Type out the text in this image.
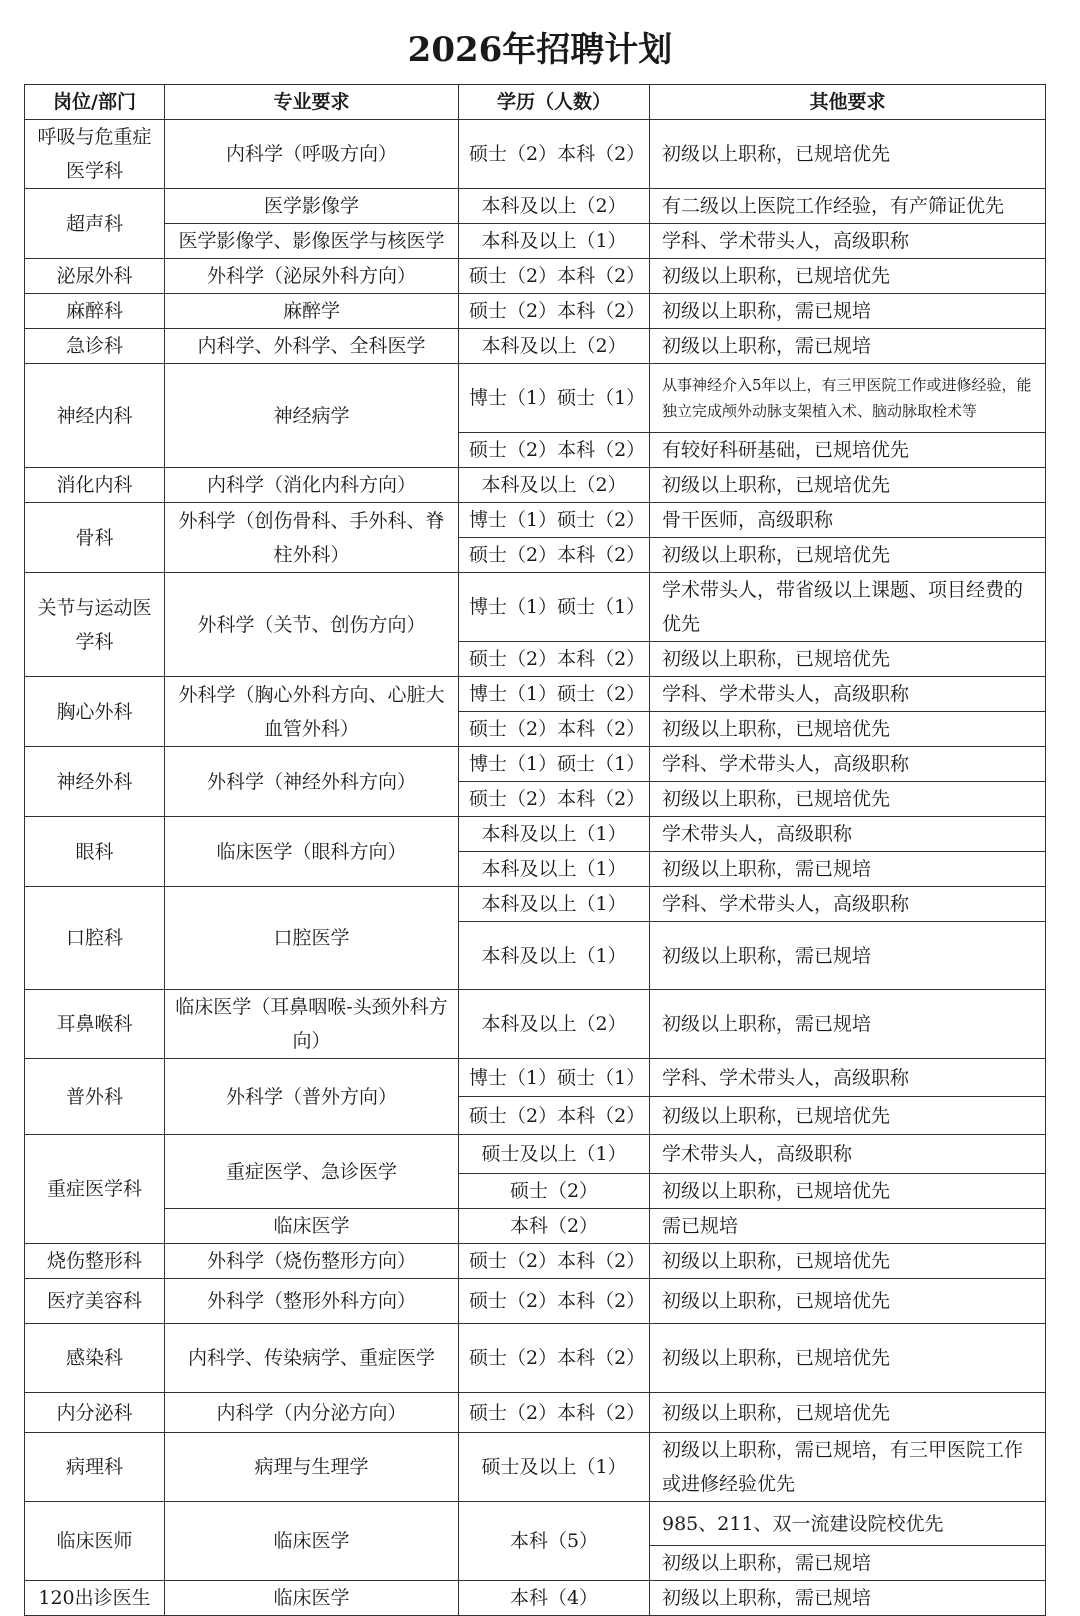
2026年招聘计划
岗位/部门	专业要求	学历（人数）	其他要求
呼吸与危重症医学科	内科学（呼吸方向）	硕士（2）本科（2）	初级以上职称，已规培优先
超声科	医学影像学	本科及以上（2）	有二级以上医院工作经验，有产筛证优先
	医学影像学、影像医学与核医学	本科及以上（1）	学科、学术带头人，高级职称
泌尿外科	外科学（泌尿外科方向）	硕士（2）本科（2）	初级以上职称，已规培优先
麻醉科	麻醉学	硕士（2）本科（2）	初级以上职称，需已规培
急诊科	内科学、外科学、全科医学	本科及以上（2）	初级以上职称，需已规培
神经内科	神经病学	博士（1）硕士（1）	从事神经介入5年以上，有三甲医院工作或进修经验，能独立完成颅外动脉支架植入术、脑动脉取栓术等
		硕士（2）本科（2）	有较好科研基础，已规培优先
消化内科	内科学（消化内科方向）	本科及以上（2）	初级以上职称，已规培优先
骨科	外科学（创伤骨科、手外科、脊柱外科）	博士（1）硕士（2）	骨干医师，高级职称
		硕士（2）本科（2）	初级以上职称，已规培优先
关节与运动医学科	外科学（关节、创伤方向）	博士（1）硕士（1）	学术带头人，带省级以上课题、项目经费的优先
		硕士（2）本科（2）	初级以上职称，已规培优先
胸心外科	外科学（胸心外科方向、心脏大血管外科）	博士（1）硕士（2）	学科、学术带头人，高级职称
		硕士（2）本科（2）	初级以上职称，已规培优先
神经外科	外科学（神经外科方向）	博士（1）硕士（1）	学科、学术带头人，高级职称
		硕士（2）本科（2）	初级以上职称，已规培优先
眼科	临床医学（眼科方向）	本科及以上（1）	学术带头人，高级职称
		本科及以上（1）	初级以上职称，需已规培
口腔科	口腔医学	本科及以上（1）	学科、学术带头人，高级职称
		本科及以上（1）	初级以上职称，需已规培
耳鼻喉科	临床医学（耳鼻咽喉-头颈外科方向）	本科及以上（2）	初级以上职称，需已规培
普外科	外科学（普外方向）	博士（1）硕士（1）	学科、学术带头人，高级职称
		硕士（2）本科（2）	初级以上职称，已规培优先
重症医学科	重症医学、急诊医学	硕士及以上（1）	学术带头人，高级职称
		硕士（2）	初级以上职称，已规培优先
	临床医学	本科（2）	需已规培
烧伤整形科	外科学（烧伤整形方向）	硕士（2）本科（2）	初级以上职称，已规培优先
医疗美容科	外科学（整形外科方向）	硕士（2）本科（2）	初级以上职称，已规培优先
感染科	内科学、传染病学、重症医学	硕士（2）本科（2）	初级以上职称，已规培优先
内分泌科	内科学（内分泌方向）	硕士（2）本科（2）	初级以上职称，已规培优先
病理科	病理与生理学	硕士及以上（1）	初级以上职称，需已规培，有三甲医院工作或进修经验优先
临床医师	临床医学	本科（5）	985、211、双一流建设院校优先
			初级以上职称，需已规培
120出诊医生	临床医学	本科（4）	初级以上职称，需已规培
